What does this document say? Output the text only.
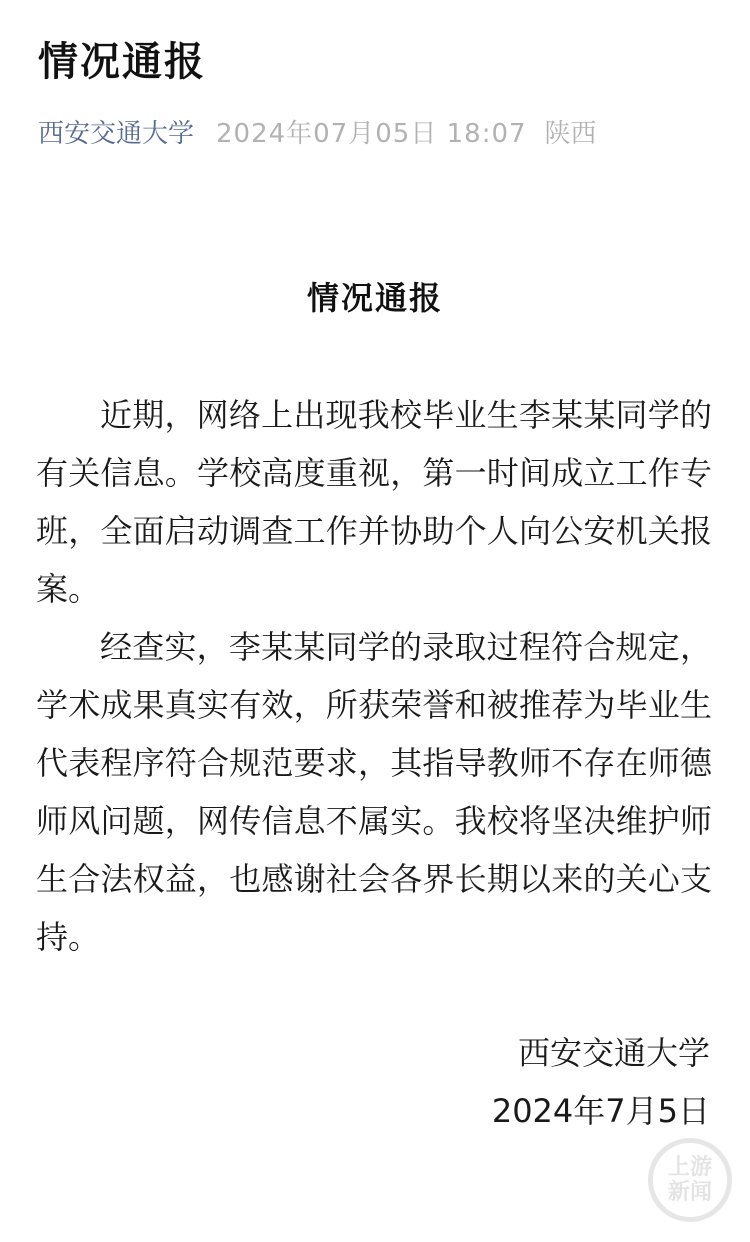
情况通报
西安交通大学 2024年07月05日 18:07 陕西
情况通报

近期，网络上出现我校毕业生李某某同学的有关信息。学校高度重视，第一时间成立工作专班，全面启动调查工作并协助个人向公安机关报案。

经查实，李某某同学的录取过程符合规定，学术成果真实有效，所获荣誉和被推荐为毕业生代表程序符合规范要求，其指导教师不存在师德师风问题，网传信息不属实。我校将坚决维护师生合法权益，也感谢社会各界长期以来的关心支持。

西安交通大学
2024年7月5日
上游
新闻
